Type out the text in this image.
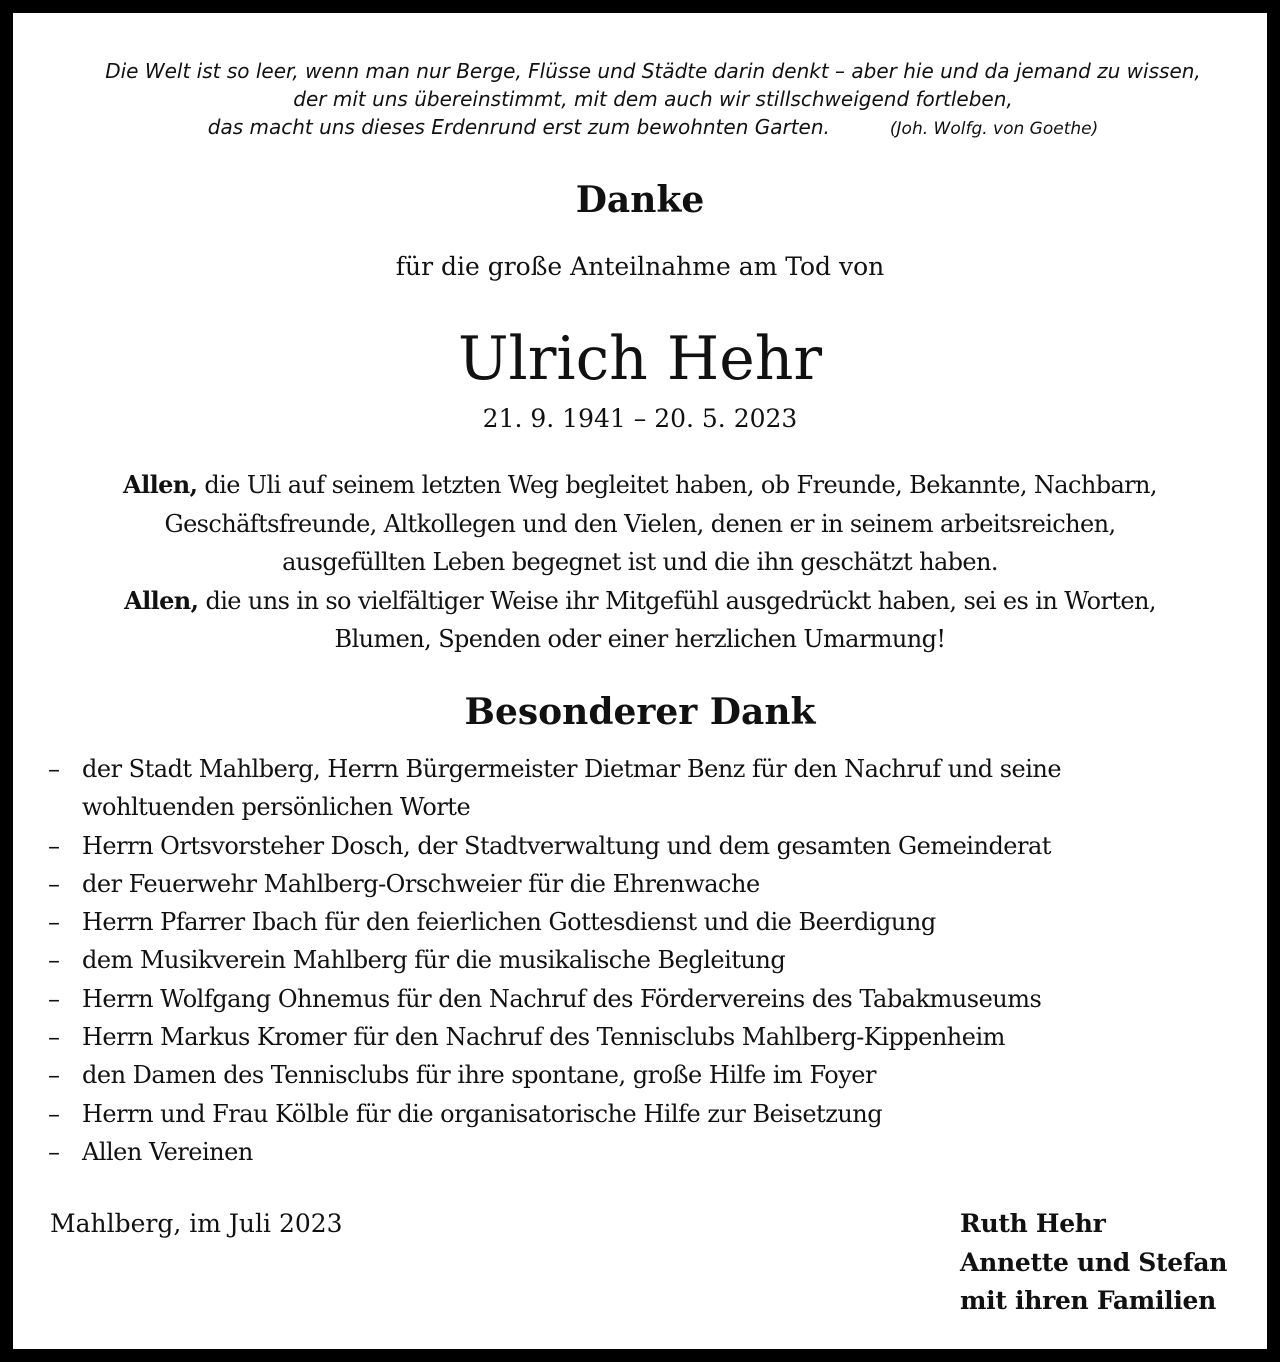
Die Welt ist so leer, wenn man nur Berge, Flüsse und Städte darin denkt – aber hie und da jemand zu wissen,
der mit uns übereinstimmt, mit dem auch wir stillschweigend fortleben,
das macht uns dieses Erdenrund erst zum bewohnten Garten.	(Joh. Wolfg. von Goethe)
Danke
für die große Anteilnahme am Tod von
Ulrich Hehr
21. 9. 1941 – 20. 5. 2023
Allen, die Uli auf seinem letzten Weg begleitet haben, ob Freunde, Bekannte, Nachbarn,
Geschäftsfreunde, Altkollegen und den Vielen, denen er in seinem arbeitsreichen,
ausgefüllten Leben begegnet ist und die ihn geschätzt haben.
Allen, die uns in so vielfältiger Weise ihr Mitgefühl ausgedrückt haben, sei es in Worten,
Blumen, Spenden oder einer herzlichen Umarmung!
Besonderer Dank
– der Stadt Mahlberg, Herrn Bürgermeister Dietmar Benz für den Nachruf und seine
wohltuenden persönlichen Worte
– Herrn Ortsvorsteher Dosch, der Stadtverwaltung und dem gesamten Gemeinderat
– der Feuerwehr Mahlberg-Orschweier für die Ehrenwache
– Herrn Pfarrer Ibach für den feierlichen Gottesdienst und die Beerdigung
– dem Musikverein Mahlberg für die musikalische Begleitung
– Herrn Wolfgang Ohnemus für den Nachruf des Fördervereins des Tabakmuseums
– Herrn Markus Kromer für den Nachruf des Tennisclubs Mahlberg-Kippenheim
– den Damen des Tennisclubs für ihre spontane, große Hilfe im Foyer
– Herrn und Frau Kölble für die organisatorische Hilfe zur Beisetzung
– Allen Vereinen
Mahlberg, im Juli 2023	Ruth Hehr
Annette und Stefan
mit ihren Familien
